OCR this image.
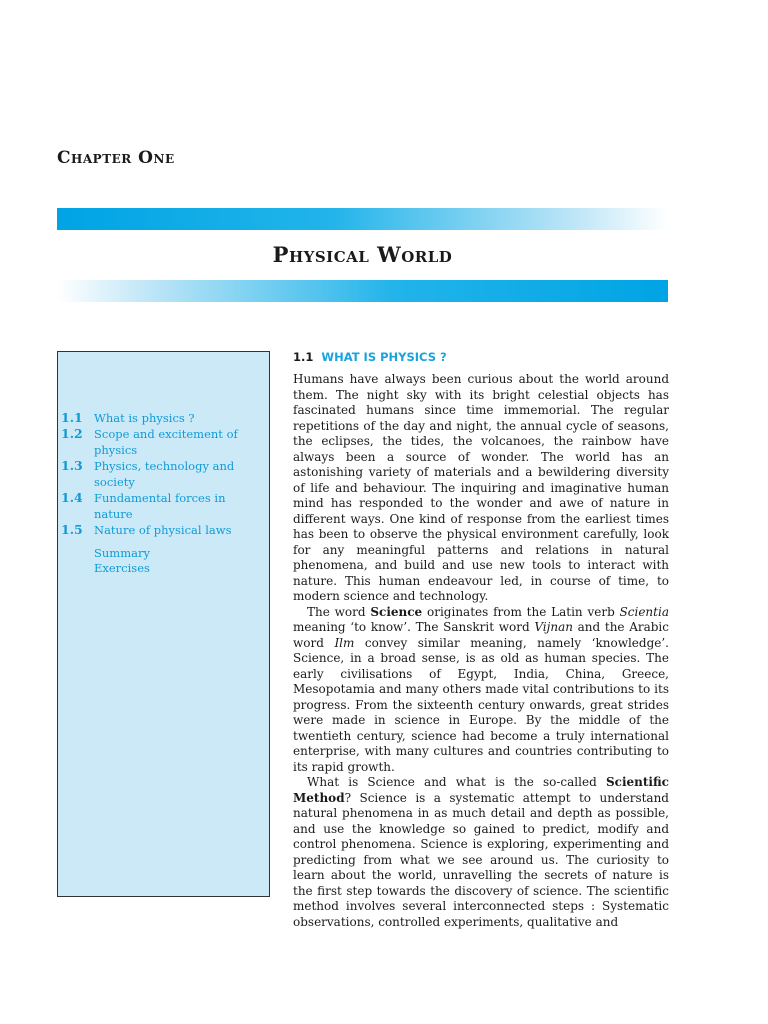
Chapter One
Physical World
1.1 What is physics ?
1.2 Scope and excitement of physics
1.3 Physics, technology and society
1.4 Fundamental forces in nature
1.5 Nature of physical laws
Summary
Exercises
1.1 WHAT IS PHYSICS ?

Humans have always been curious about the world around them. The night sky with its bright celestial objects has fascinated humans since time immemorial. The regular repetitions of the day and night, the annual cycle of seasons, the eclipses, the tides, the volcanoes, the rainbow have always been a source of wonder. The world has an astonishing variety of materials and a bewildering diversity of life and behaviour. The inquiring and imaginative human mind has responded to the wonder and awe of nature in different ways. One kind of response from the earliest times has been to observe the physical environment carefully, look for any meaningful patterns and relations in natural phenomena, and build and use new tools to interact with nature. This human endeavour led, in course of time, to modern science and technology.

The word Science originates from the Latin verb Scientia meaning ‘to know’. The Sanskrit word Vijnan and the Arabic word Ilm convey similar meaning, namely ‘knowledge’. Science, in a broad sense, is as old as human species. The early civilisations of Egypt, India, China, Greece, Mesopotamia and many others made vital contributions to its progress. From the sixteenth century onwards, great strides were made in science in Europe. By the middle of the twentieth century, science had become a truly international enterprise, with many cultures and countries contributing to its rapid growth.

What is Science and what is the so-called Scientific Method? Science is a systematic attempt to understand natural phenomena in as much detail and depth as possible, and use the knowledge so gained to predict, modify and control phenomena. Science is exploring, experimenting and predicting from what we see around us. The curiosity to learn about the world, unravelling the secrets of nature is the first step towards the discovery of science. The scientific method involves several interconnected steps : Systematic observations, controlled experiments, qualitative and
